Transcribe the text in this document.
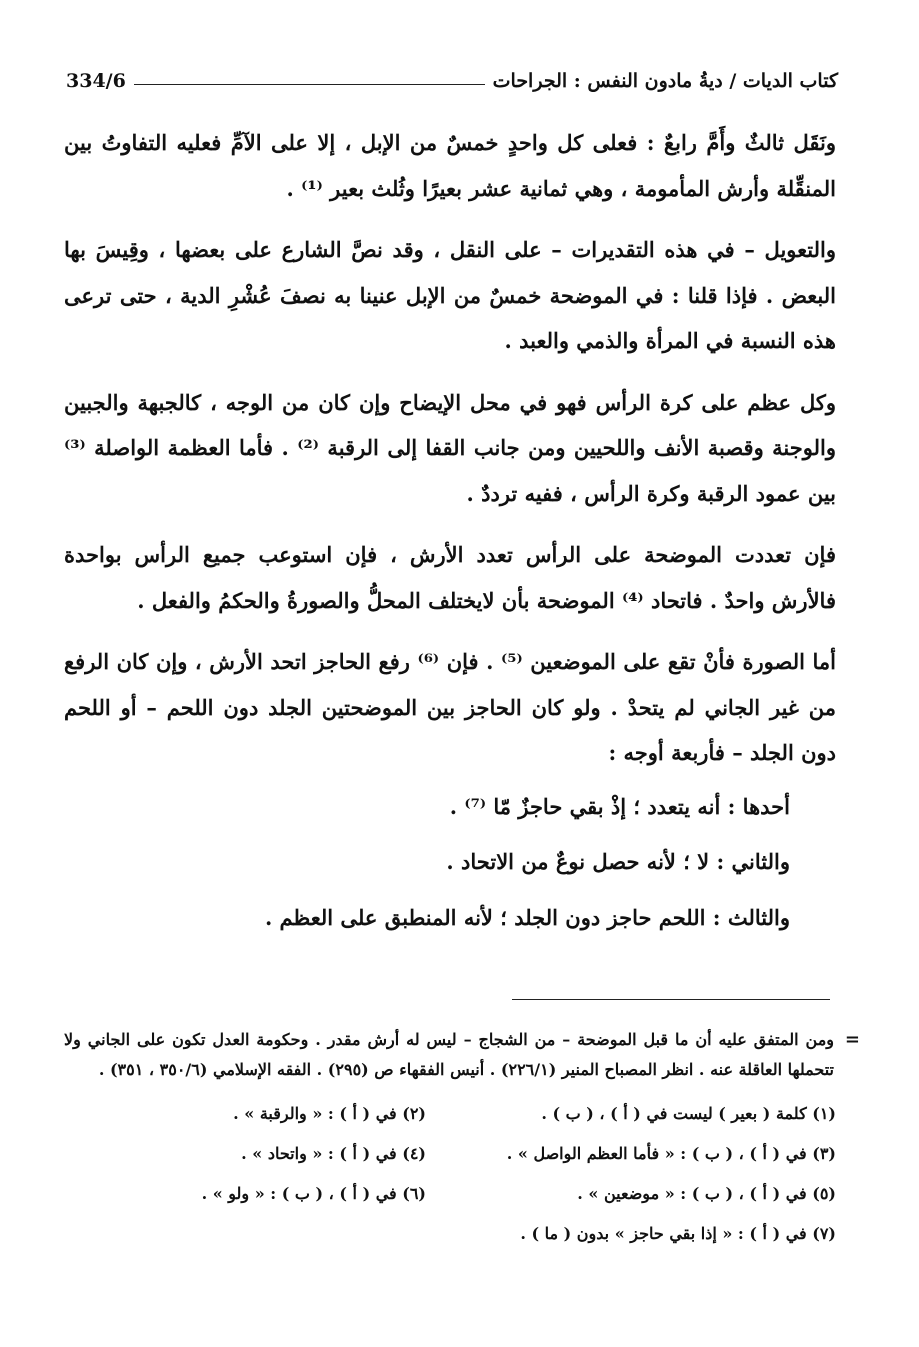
334/6	كتاب الديات / ديةُ مادون النفس : الجراحات

ونَقَل ثالثٌ وأَمَّ رابعٌ : فعلى كل واحدٍ خمسٌ من الإبل ، إلا على الآمِّ فعليه التفاوتُ بين المنقِّلة وأرش المأمومة ، وهي ثمانية عشر بعيرًا وثُلث بعير ⁽¹⁾ .

والتعويل – في هذه التقديرات – على النقل ، وقد نصَّ الشارع على بعضها ، وقِيسَ بها البعض . فإذا قلنا : في الموضحة خمسٌ من الإبل عنينا به نصفَ عُشْرِ الدية ، حتى ترعى هذه النسبة في المرأة والذمي والعبد .

وكل عظم على كرة الرأس فهو في محل الإيضاح وإن كان من الوجه ، كالجبهة والجبين والوجنة وقصبة الأنف واللحيين ومن جانب القفا إلى الرقبة ⁽²⁾ . فأما العظمة الواصلة ⁽³⁾ بين عمود الرقبة وكرة الرأس ، ففيه ترددٌ .

فإن تعددت الموضحة على الرأس تعدد الأرش ، فإن استوعب جميع الرأس بواحدة فالأرش واحدٌ . فاتحاد ⁽⁴⁾ الموضحة بأن لايختلف المحلُّ والصورةُ والحكمُ والفعل .

أما الصورة فأنْ تقع على الموضعين ⁽⁵⁾ . فإن ⁽⁶⁾ رفع الحاجز اتحد الأرش ، وإن كان الرفع من غير الجاني لم يتحدْ . ولو كان الحاجز بين الموضحتين الجلد دون اللحم – أو اللحم دون الجلد – فأربعة أوجه :

أحدها : أنه يتعدد ؛ إذْ بقي حاجزٌ مّا ⁽⁷⁾ .

والثاني : لا ؛ لأنه حصل نوعٌ من الاتحاد .

والثالث : اللحم حاجز دون الجلد ؛ لأنه المنطبق على العظم .

=
ومن المتفق عليه أن ما قبل الموضحة – من الشجاج – ليس له أرش مقدر . وحكومة العدل تكون على الجاني ولا تتحملها العاقلة عنه . انظر المصباح المنير (٢٢٦/١) . أنيس الفقهاء ص (٢٩٥) . الفقه الإسلامي (٣٥٠/٦ ، ٣٥١) .
(١) كلمة ( بعير ) ليست في ( أ ) ، ( ب ) .
(٢) في ( أ ) : « والرقبة » .
(٣) في ( أ ) ، ( ب ) : « فأما العظم الواصل » .
(٤) في ( أ ) : « واتحاد » .
(٥) في ( أ ) ، ( ب ) : « موضعين » .
(٦) في ( أ ) ، ( ب ) : « ولو » .
(٧) في ( أ ) : « إذا بقي حاجز » بدون ( ما ) .
